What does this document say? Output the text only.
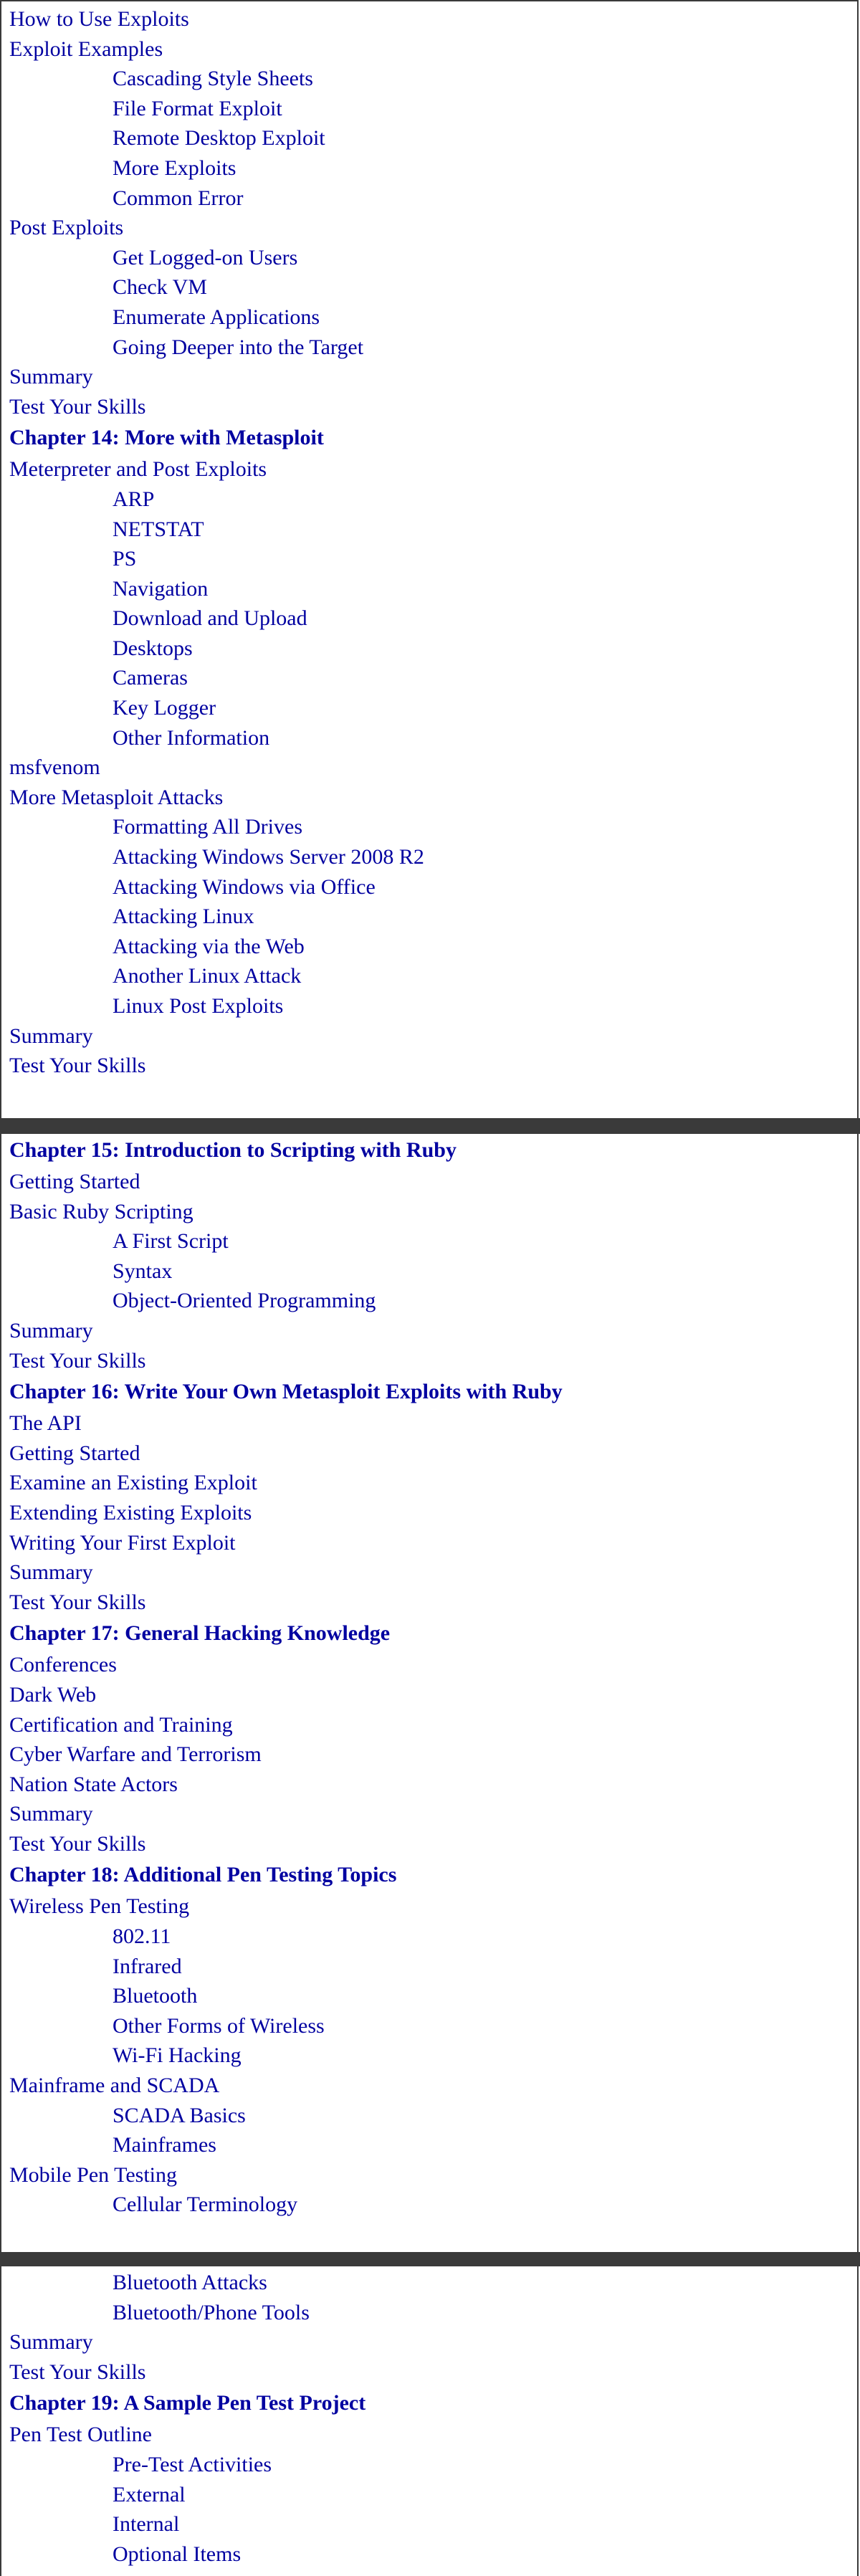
How to Use Exploits
Exploit Examples
Cascading Style Sheets
File Format Exploit
Remote Desktop Exploit
More Exploits
Common Error
Post Exploits
Get Logged-on Users
Check VM
Enumerate Applications
Going Deeper into the Target
Summary
Test Your Skills
Chapter 14: More with Metasploit
Meterpreter and Post Exploits
ARP
NETSTAT
PS
Navigation
Download and Upload
Desktops
Cameras
Key Logger
Other Information
msfvenom
More Metasploit Attacks
Formatting All Drives
Attacking Windows Server 2008 R2
Attacking Windows via Office
Attacking Linux
Attacking via the Web
Another Linux Attack
Linux Post Exploits
Summary
Test Your Skills
Chapter 15: Introduction to Scripting with Ruby
Getting Started
Basic Ruby Scripting
A First Script
Syntax
Object-Oriented Programming
Summary
Test Your Skills
Chapter 16: Write Your Own Metasploit Exploits with Ruby
The API
Getting Started
Examine an Existing Exploit
Extending Existing Exploits
Writing Your First Exploit
Summary
Test Your Skills
Chapter 17: General Hacking Knowledge
Conferences
Dark Web
Certification and Training
Cyber Warfare and Terrorism
Nation State Actors
Summary
Test Your Skills
Chapter 18: Additional Pen Testing Topics
Wireless Pen Testing
802.11
Infrared
Bluetooth
Other Forms of Wireless
Wi-Fi Hacking
Mainframe and SCADA
SCADA Basics
Mainframes
Mobile Pen Testing
Cellular Terminology
Bluetooth Attacks
Bluetooth/Phone Tools
Summary
Test Your Skills
Chapter 19: A Sample Pen Test Project
Pen Test Outline
Pre-Test Activities
External
Internal
Optional Items
